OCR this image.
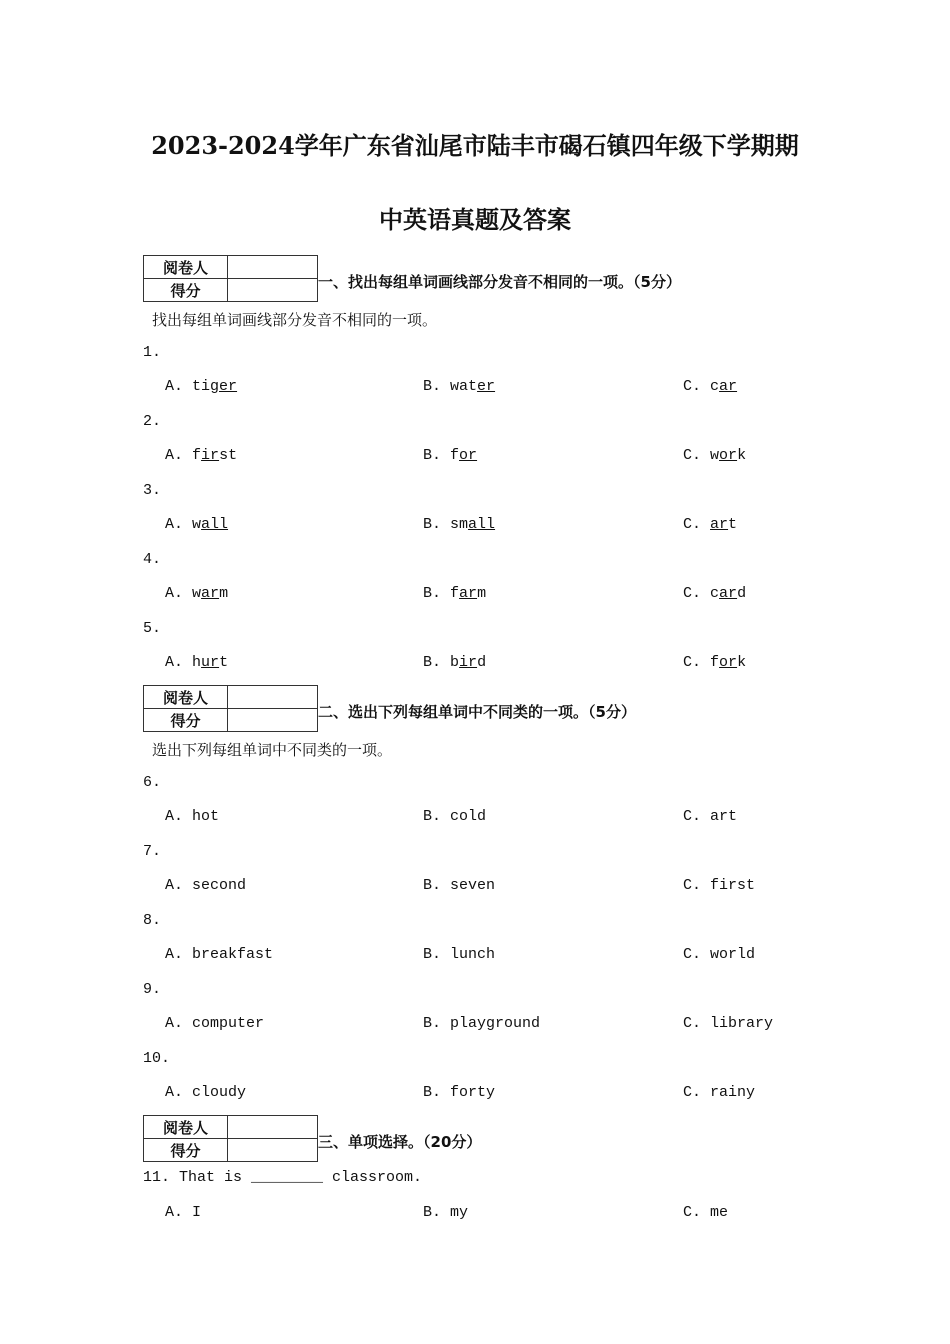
2023-2024学年广东省汕尾市陆丰市碣石镇四年级下学期期
中英语真题及答案
阅卷人	
得分		一、找出每组单词画线部分发音不相同的一项。（5分）
找出每组单词画线部分发音不相同的一项。
1.
A. tiger	B. water	C. car
2.
A. first	B. for	C. work
3.
A. wall	B. small	C. art
4.
A. warm	B. farm	C. card
5.
A. hurt	B. bird	C. fork
阅卷人	
得分		二、选出下列每组单词中不同类的一项。（5分）
选出下列每组单词中不同类的一项。
6.
A. hot	B. cold	C. art
7.
A. second	B. seven	C. first
8.
A. breakfast	B. lunch	C. world
9.
A. computer	B. playground	C. library
10.
A. cloudy	B. forty	C. rainy
阅卷人	
得分		三、单项选择。（20分）
11. That is ________ classroom.
A. I	B. my	C. me
